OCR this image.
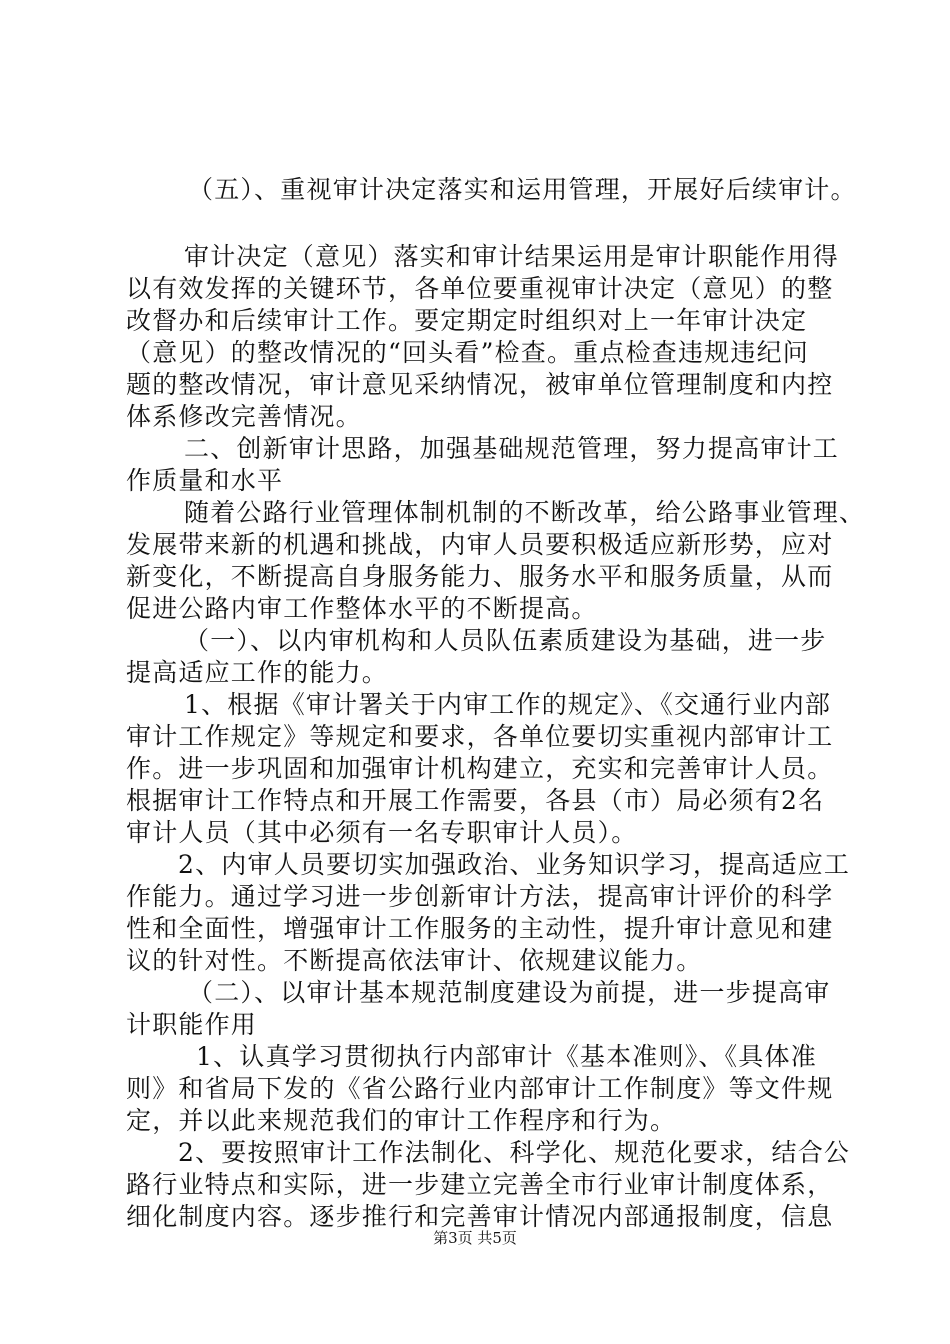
（五）、重视审计决定落实和运用管理，开展好后续审计。
审计决定（意见）落实和审计结果运用是审计职能作用得
以有效发挥的关键环节，各单位要重视审计决定（意见）的整
改督办和后续审计工作。要定期定时组织对上一年审计决定
（意见）的整改情况的“回头看”检查。重点检查违规违纪问
题的整改情况，审计意见采纳情况，被审单位管理制度和内控
体系修改完善情况。
二、创新审计思路，加强基础规范管理，努力提高审计工
作质量和水平
随着公路行业管理体制机制的不断改革，给公路事业管理、
发展带来新的机遇和挑战，内审人员要积极适应新形势，应对
新变化，不断提高自身服务能力、服务水平和服务质量，从而
促进公路内审工作整体水平的不断提高。
（一）、以内审机构和人员队伍素质建设为基础，进一步
提高适应工作的能力。
1、根据《审计署关于内审工作的规定》、《交通行业内部
审计工作规定》等规定和要求，各单位要切实重视内部审计工
作。进一步巩固和加强审计机构建立，充实和完善审计人员。
根据审计工作特点和开展工作需要，各县（市）局必须有2名
审计人员（其中必须有一名专职审计人员）。
2、内审人员要切实加强政治、业务知识学习，提高适应工
作能力。通过学习进一步创新审计方法，提高审计评价的科学
性和全面性，增强审计工作服务的主动性，提升审计意见和建
议的针对性。不断提高依法审计、依规建议能力。
（二）、以审计基本规范制度建设为前提，进一步提高审
计职能作用
1、认真学习贯彻执行内部审计《基本准则》、《具体准
则》和省局下发的《省公路行业内部审计工作制度》等文件规
定，并以此来规范我们的审计工作程序和行为。
2、要按照审计工作法制化、科学化、规范化要求，结合公
路行业特点和实际，进一步建立完善全市行业审计制度体系，
细化制度内容。逐步推行和完善审计情况内部通报制度，信息
第3页 共5页
